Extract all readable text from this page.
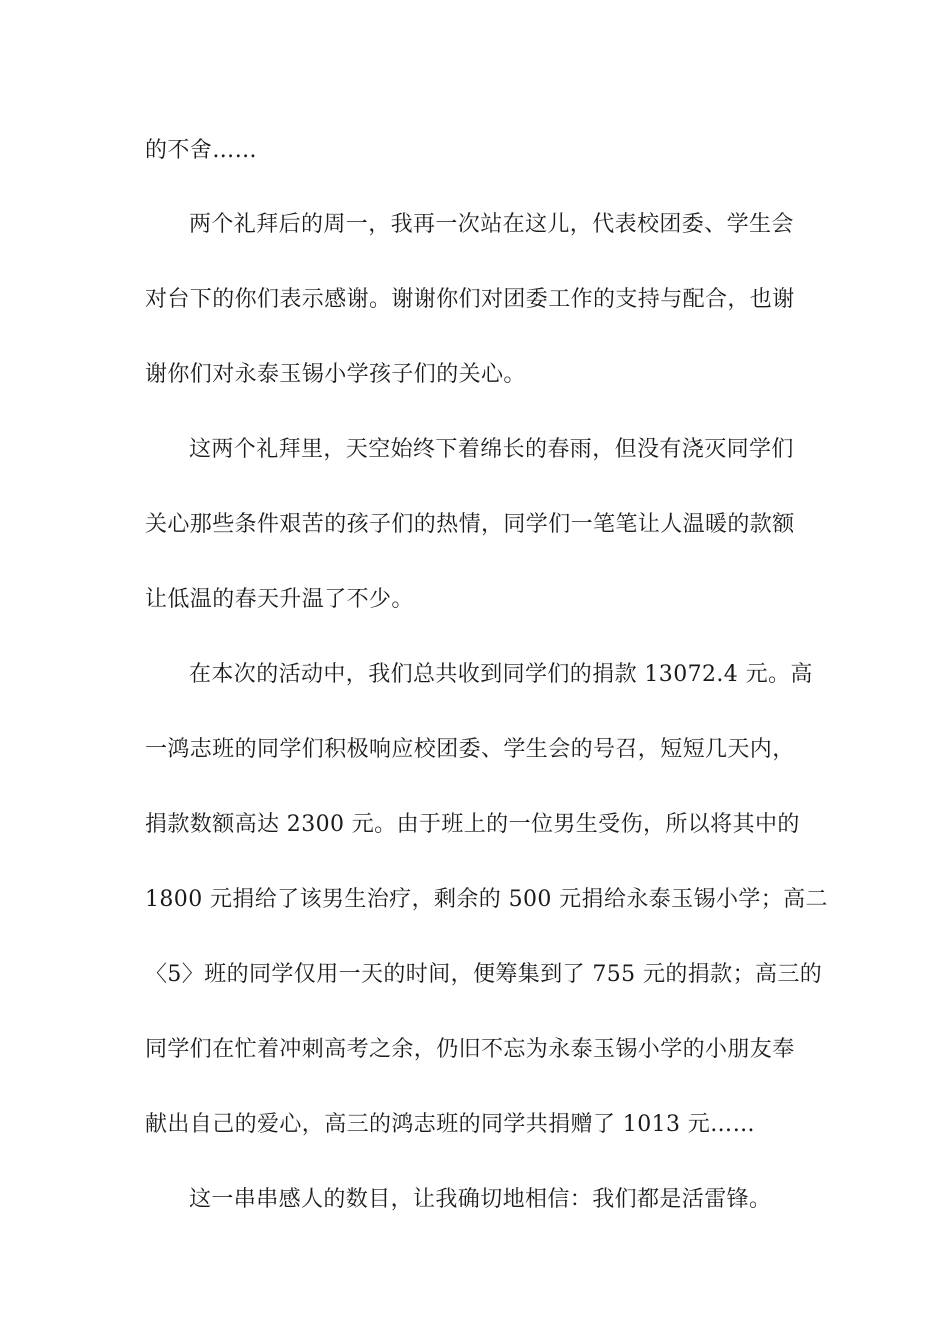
的不舍……
两个礼拜后的周一，我再一次站在这儿，代表校团委、学生会
对台下的你们表示感谢。谢谢你们对团委工作的支持与配合，也谢
谢你们对永泰玉锡小学孩子们的关心。
这两个礼拜里，天空始终下着绵长的春雨，但没有浇灭同学们
关心那些条件艰苦的孩子们的热情，同学们一笔笔让人温暖的款额
让低温的春天升温了不少。
在本次的活动中，我们总共收到同学们的捐款 13072.4 元。高
一鸿志班的同学们积极响应校团委、学生会的号召，短短几天内，
捐款数额高达 2300 元。由于班上的一位男生受伤，所以将其中的
1800 元捐给了该男生治疗，剩余的 500 元捐给永泰玉锡小学；高二
〈5〉班的同学仅用一天的时间，便筹集到了 755 元的捐款；高三的
同学们在忙着冲刺高考之余，仍旧不忘为永泰玉锡小学的小朋友奉
献出自己的爱心，高三的鸿志班的同学共捐赠了 1013 元……
这一串串感人的数目，让我确切地相信：我们都是活雷锋。
